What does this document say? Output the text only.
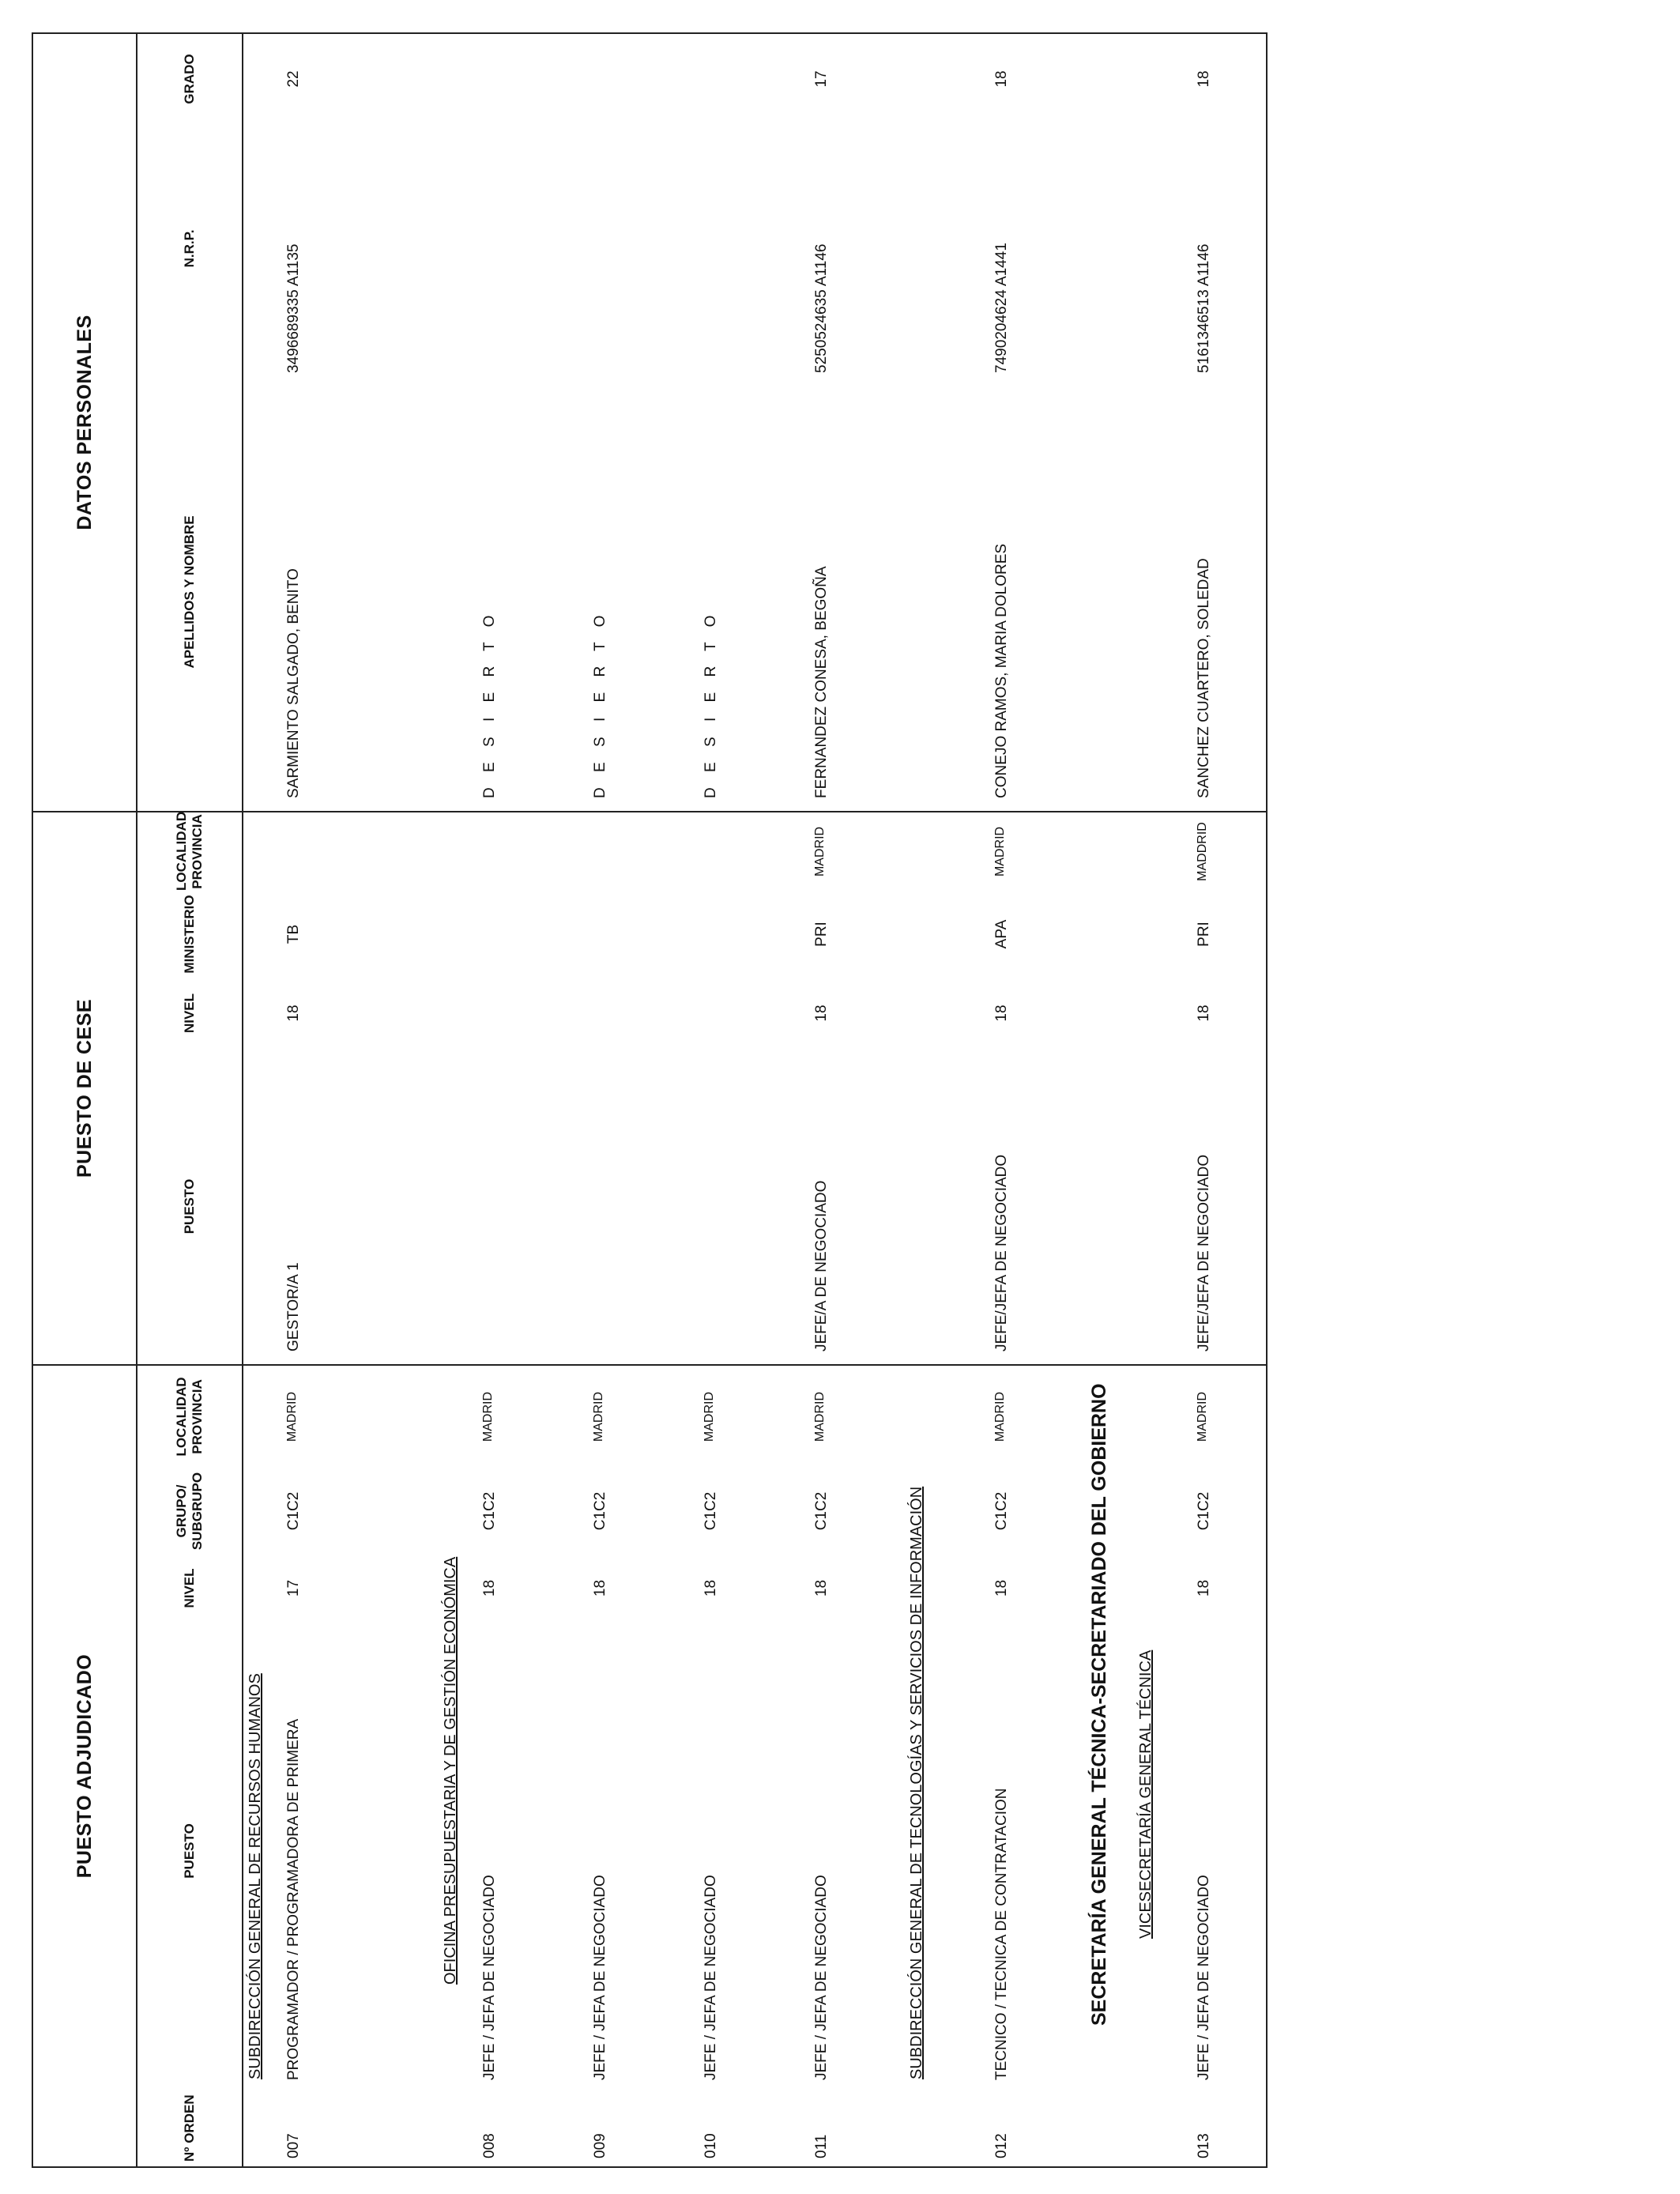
PUESTO ADJUDICADO					PUESTO DE CESE				DATOS PERSONALES		
Nº ORDEN	PUESTO	NIVEL	GRUPO/ SUBGRUPO	LOCALIDAD PROVINCIA	PUESTO	NIVEL	MINISTERIO	LOCALIDAD PROVINCIA	APELLIDOS Y NOMBRE	N.R.P.	GRADO
SUBDIRECCIÓN GENERAL DE RECURSOS HUMANOS											
007	PROGRAMADOR / PROGRAMADORA DE PRIMERA	17	C1C2	MADRID	GESTOR/A 1	18	TB		SARMIENTO SALGADO, BENITO	3496689335 A1135	22
OFICINA PRESUPUESTARIA Y DE GESTIÓN ECONÓMICA											
008	JEFE / JEFA DE NEGOCIADO	18	C1C2	MADRID					D E S I E R T O		
009	JEFE / JEFA DE NEGOCIADO	18	C1C2	MADRID					D E S I E R T O		
010	JEFE / JEFA DE NEGOCIADO	18	C1C2	MADRID					D E S I E R T O		
011	JEFE / JEFA DE NEGOCIADO	18	C1C2	MADRID	JEFE/A DE NEGOCIADO	18	PRI	MADRID	FERNANDEZ CONESA, BEGOÑA	5250524635 A1146	17
SUBDIRECCIÓN GENERAL DE TECNOLOGÍAS Y SERVICIOS DE INFORMACIÓN											
012	TECNICO / TECNICA DE CONTRATACION	18	C1C2	MADRID	JEFE/JEFA DE NEGOCIADO	18	APA	MADRID	CONEJO RAMOS, MARIA DOLORES	7490204624 A1441	18
SECRETARÍA GENERAL TÉCNICA-SECRETARIADO DEL GOBIERNO											
VICESECRETARÍA GENERAL TÉCNICA											
013	JEFE / JEFA DE NEGOCIADO	18	C1C2	MADRID	JEFE/JEFA DE NEGOCIADO	18	PRI	MADDRID	SANCHEZ CUARTERO, SOLEDAD	5161346513 A1146	18
